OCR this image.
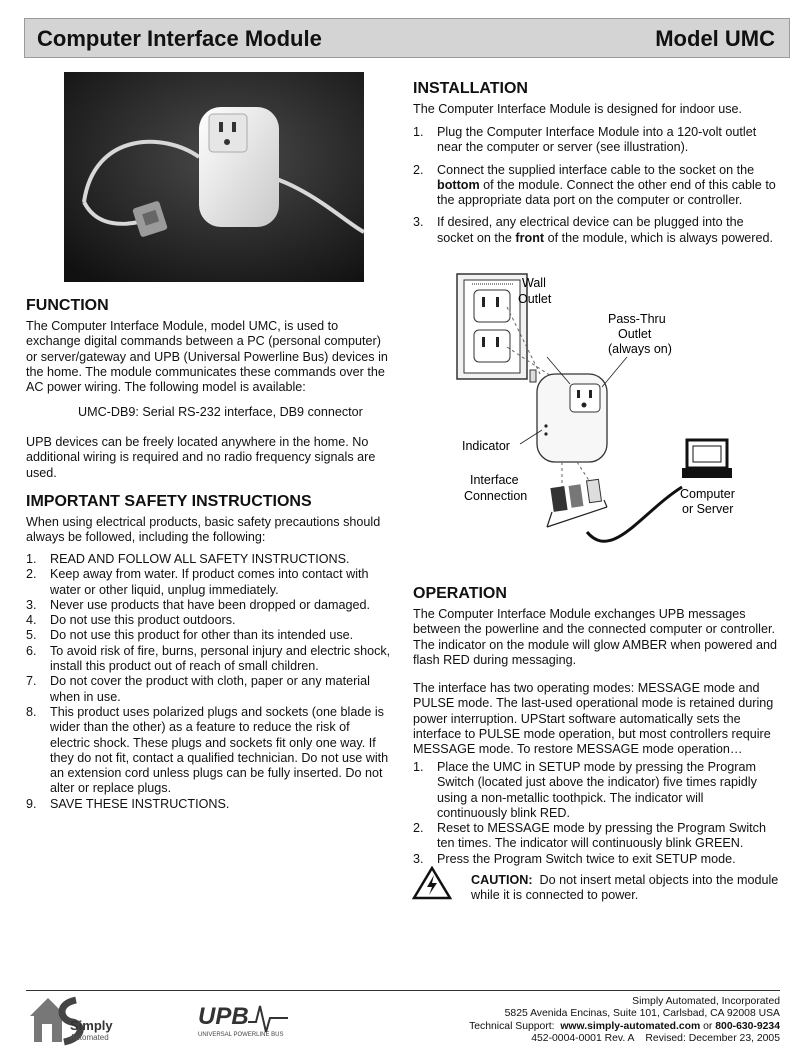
Computer Interface Module	Model UMC
FUNCTION
The Computer Interface Module, model UMC, is used to
exchange digital commands between a PC (personal computer)
or server/gateway and UPB (Universal Powerline Bus) devices in
the home. The module communicates these commands over the
AC power wiring. The following model is available:
UMC-DB9: Serial RS-232 interface, DB9 connector
UPB devices can be freely located anywhere in the home. No
additional wiring is required and no radio frequency signals are
used.
IMPORTANT SAFETY INSTRUCTIONS
When using electrical products, basic safety precautions should
always be followed, including the following:
1. READ AND FOLLOW ALL SAFETY INSTRUCTIONS.
2. Keep away from water. If product comes into contact with
water or other liquid, unplug immediately.
3. Never use products that have been dropped or damaged.
4. Do not use this product outdoors.
5. Do not use this product for other than its intended use.
6. To avoid risk of fire, burns, personal injury and electric shock,
install this product out of reach of small children.
7. Do not cover the product with cloth, paper or any material
when in use.
8. This product uses polarized plugs and sockets (one blade is
wider than the other) as a feature to reduce the risk of
electric shock. These plugs and sockets fit only one way. If
they do not fit, contact a qualified technician. Do not use with
an extension cord unless plugs can be fully inserted. Do not
alter or replace plugs.
9. SAVE THESE INSTRUCTIONS.
INSTALLATION
The Computer Interface Module is designed for indoor use.
1. Plug the Computer Interface Module into a 120-volt outlet
near the computer or server (see illustration).
2. Connect the supplied interface cable to the socket on the
bottom of the module. Connect the other end of this cable to
the appropriate data port on the computer or controller.
3. If desired, any electrical device can be plugged into the
socket on the front of the module, which is always powered.
Wall
Outlet
Pass-Thru
Outlet
(always on)
Indicator
Interface
Connection	Computer
or Server
OPERATION
The Computer Interface Module exchanges UPB messages
between the powerline and the connected computer or controller.
The indicator on the module will glow AMBER when powered and
flash RED during messaging.
The interface has two operating modes: MESSAGE mode and
PULSE mode. The last-used operational mode is retained during
power interruption. UPStart software automatically sets the
interface to PULSE mode operation, but most controllers require
MESSAGE mode. To restore MESSAGE mode operation…
1. Place the UMC in SETUP mode by pressing the Program
Switch (located just above the indicator) five times rapidly
using a non-metallic toothpick. The indicator will
continuously blink RED.
2. Reset to MESSAGE mode by pressing the Program Switch
ten times. The indicator will continuously blink GREEN.
3. Press the Program Switch twice to exit SETUP mode.
CAUTION:  Do not insert metal objects into the module
while it is connected to power.
Simply
Automated
UPB
UNIVERSAL POWERLINE BUS
Simply Automated, Incorporated
5825 Avenida Encinas, Suite 101, Carlsbad, CA 92008 USA
Technical Support:  www.simply-automated.com or 800-630-9234
452-0004-0001 Rev. A    Revised: December 23, 2005
